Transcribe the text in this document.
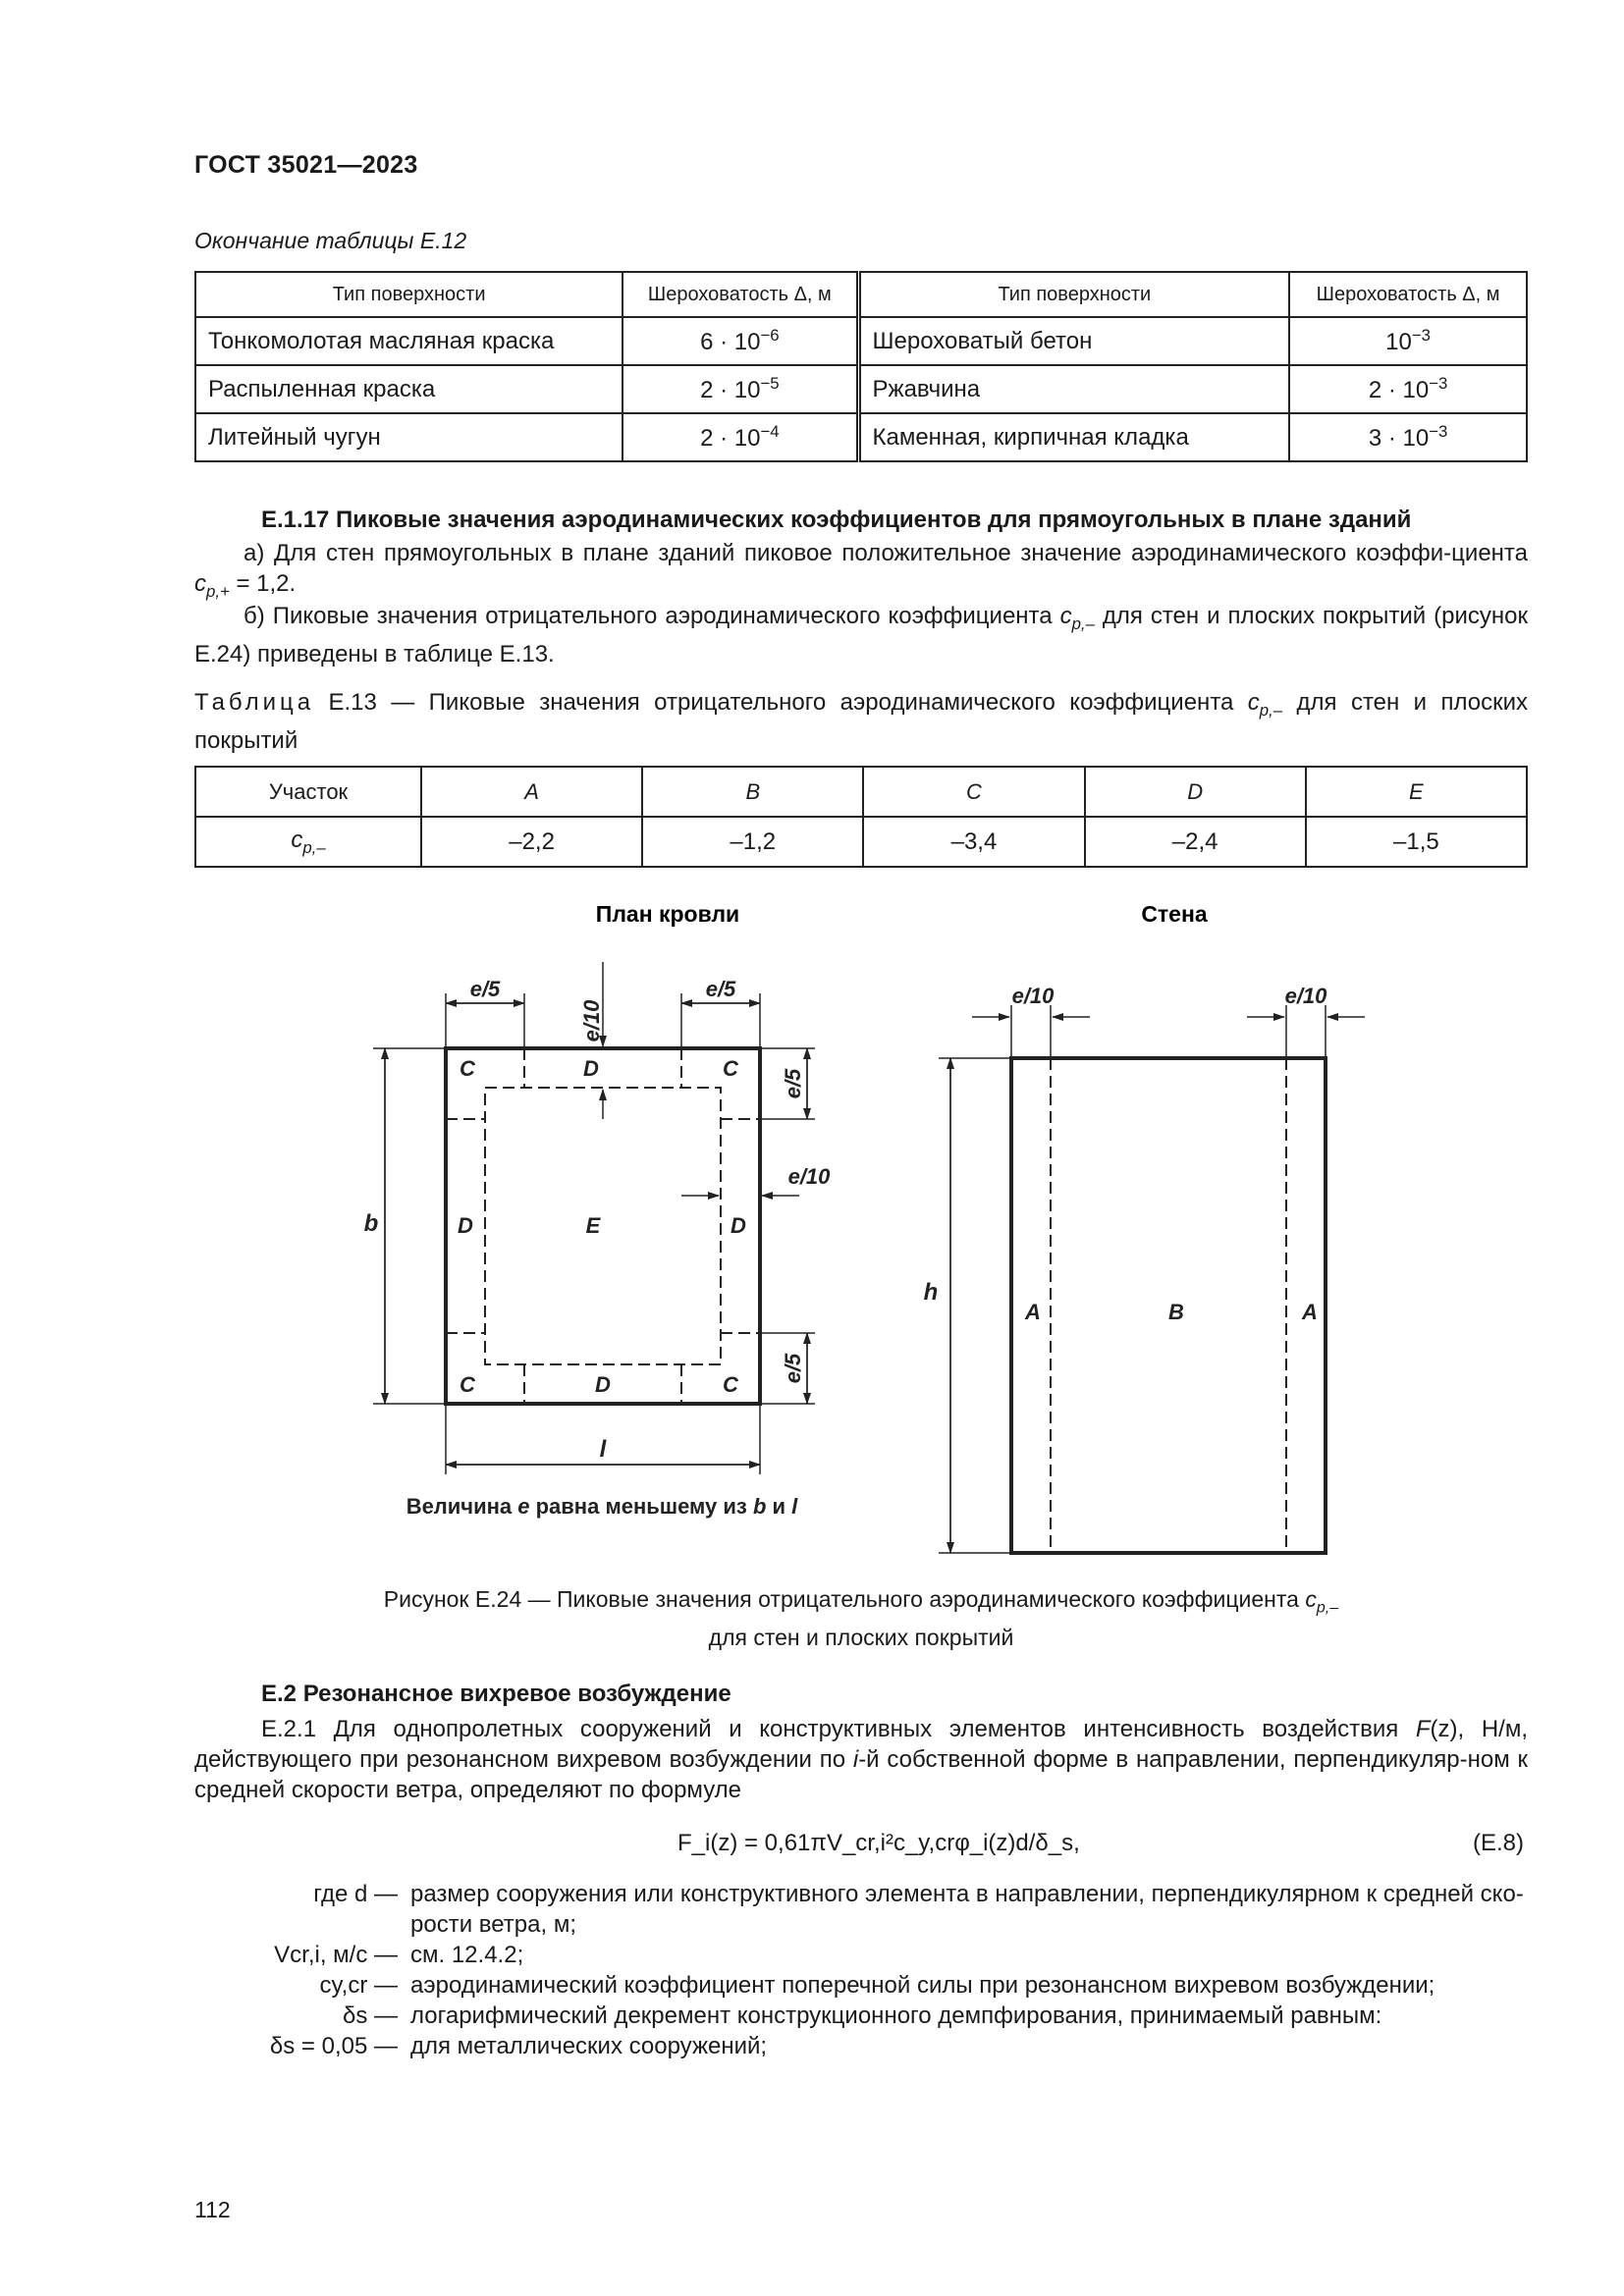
ГОСТ 35021—2023
Окончание таблицы Е.12
Тип поверхности	Шероховатость Δ, м	Тип поверхности	Шероховатость Δ, м
Тонкомолотая масляная краска	$6 \cdot 10^{-6}$	Шероховатый бетон	$10^{-3}$
Распыленная краска	$2 \cdot 10^{-5}$	Ржавчина	$2 \cdot 10^{-3}$
Литейный чугун	$2 \cdot 10^{-4}$	Каменная, кирпичная кладка	$3 \cdot 10^{-3}$
Е.1.17 Пиковые значения аэродинамических коэффициентов для прямоугольных в плане зданий
а) Для стен прямоугольных в плане зданий пиковое положительное значение аэродинамического коэффи-циента $c_{p,+} = 1,2$.
б) Пиковые значения отрицательного аэродинамического коэффициента $c_{p,-}$ для стен и плоских покрытий (рисунок Е.24) приведены в таблице Е.13.
Таблица Е.13 — Пиковые значения отрицательного аэродинамического коэффициента $c_{p,-}$ для стен и плоских покрытий
Участок	A	B	C	D	E
$c_{p,-}$	–2,2	–1,2	–3,4	–2,4	–1,5
План кровли	Стена
e/5	e/5
e/10
e/5
e/5
e/10
b
l
C	C
C	C
D
D
D	D
E
Величина e равна меньшему из b и l
e/10	e/10
h
A	A
B
Рисунок Е.24 — Пиковые значения отрицательного аэродинамического коэффициента $c_{p,-}$
для стен и плоских покрытий
Е.2 Резонансное вихревое возбуждение
Е.2.1 Для однопролетных сооружений и конструктивных элементов интенсивность воздействия F(z), Н/м, действующего при резонансном вихревом возбуждении по i-й собственной форме в направлении, перпендикуляр-ном к средней скорости ветра, определяют по формуле
F_i(z) = 0,61πV_cr,i²c_y,crφ_i(z)d/δ_s,	(Е.8)
где d — размер сооружения или конструктивного элемента в направлении, перпендикулярном к средней ско-рости ветра, м;
Vcr,i, м/с — см. 12.4.2;
cy,cr — аэродинамический коэффициент поперечной силы при резонансном вихревом возбуждении;
δs — логарифмический декремент конструкционного демпфирования, принимаемый равным:
δs = 0,05 — для металлических сооружений;
112
